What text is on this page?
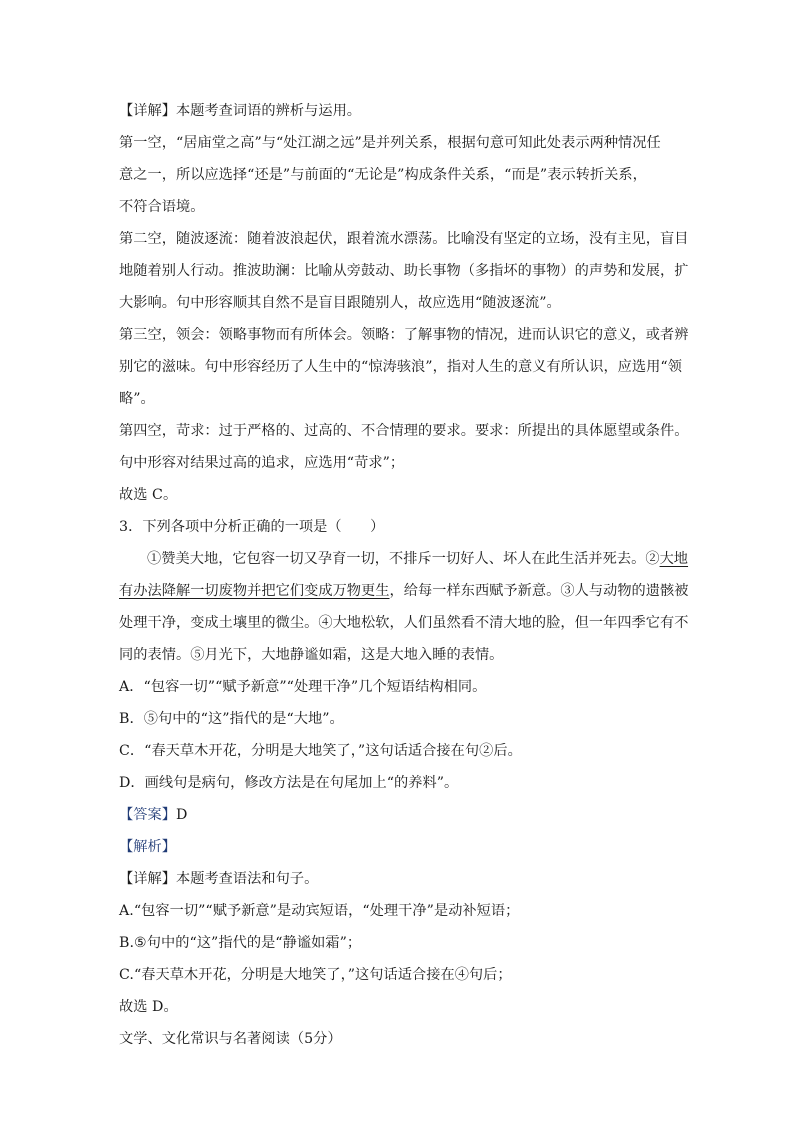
【详解】本题考查词语的辨析与运用。
第一空，“居庙堂之高”与“处江湖之远”是并列关系，根据句意可知此处表示两种情况任
意之一，所以应选择“还是”与前面的“无论是”构成条件关系，“而是”表示转折关系，
不符合语境。
第二空，随波逐流：随着波浪起伏，跟着流水漂荡。比喻没有坚定的立场，没有主见，盲目
地随着别人行动。推波助澜：比喻从旁鼓动、助长事物（多指坏的事物）的声势和发展，扩
大影响。句中形容顺其自然不是盲目跟随别人，故应选用“随波逐流”。
第三空，领会：领略事物而有所体会。领略：了解事物的情况，进而认识它的意义，或者辨
别它的滋味。句中形容经历了人生中的“惊涛骇浪”，指对人生的意义有所认识，应选用“领
略”。
第四空，苛求：过于严格的、过高的、不合情理的要求。要求：所提出的具体愿望或条件。
句中形容对结果过高的追求，应选用“苛求”；
故选 C。
3．下列各项中分析正确的一项是（　　）
①赞美大地，它包容一切又孕育一切，不排斥一切好人、坏人在此生活并死去。②大地
有办法降解一切废物并把它们变成万物更生，给每一样东西赋予新意。③人与动物的遗骸被
处理干净，变成土壤里的微尘。④大地松软，人们虽然看不清大地的脸，但一年四季它有不
同的表情。⑤月光下，大地静谧如霜，这是大地入睡的表情。
A．“包容一切”“赋予新意”“处理干净”几个短语结构相同。
B．⑤句中的“这”指代的是“大地”。
C．“春天草木开花，分明是大地笑了，”这句话适合接在句②后。
D．画线句是病句，修改方法是在句尾加上“的养料”。
【答案】D
【解析】
【详解】本题考查语法和句子。
A.“包容一切”“赋予新意”是动宾短语，“处理干净”是动补短语；
B.⑤句中的“这”指代的是“静谧如霜”；
C.“春天草木开花，分明是大地笑了，”这句话适合接在④句后；
故选 D。
文学、文化常识与名著阅读（5分）
